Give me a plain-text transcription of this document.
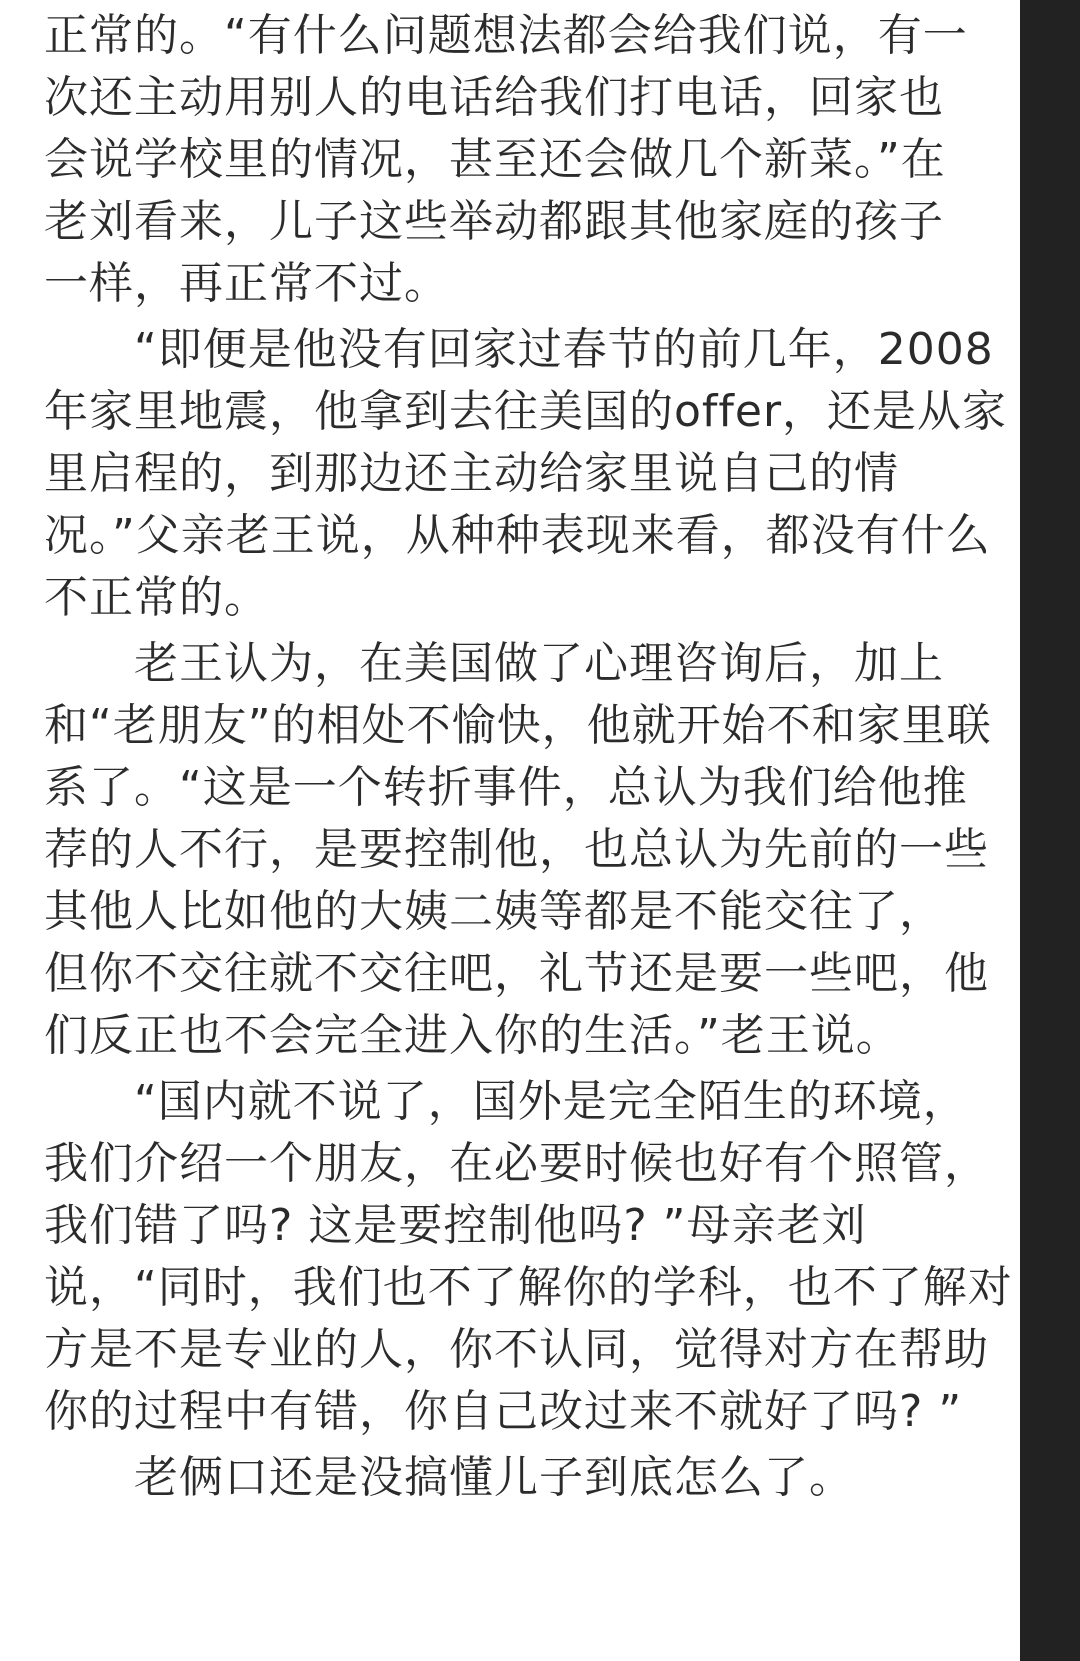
正常的。“有什么问题想法都会给我们说，有一
次还主动用别人的电话给我们打电话，回家也
会说学校里的情况，甚至还会做几个新菜。”在
老刘看来，儿子这些举动都跟其他家庭的孩子
一样，再正常不过。
“即便是他没有回家过春节的前几年，2008
年家里地震，他拿到去往美国的offer，还是从家
里启程的，到那边还主动给家里说自己的情
况。”父亲老王说，从种种表现来看，都没有什么
不正常的。
老王认为，在美国做了心理咨询后，加上
和“老朋友”的相处不愉快，他就开始不和家里联
系了。“这是一个转折事件，总认为我们给他推
荐的人不行，是要控制他，也总认为先前的一些
其他人比如他的大姨二姨等都是不能交往了，
但你不交往就不交往吧，礼节还是要一些吧，他
们反正也不会完全进入你的生活。”老王说。
“国内就不说了，国外是完全陌生的环境，
我们介绍一个朋友，在必要时候也好有个照管，
我们错了吗? 这是要控制他吗? ”母亲老刘
说，“同时，我们也不了解你的学科，也不了解对
方是不是专业的人，你不认同，觉得对方在帮助
你的过程中有错，你自己改过来不就好了吗? ”
老俩口还是没搞懂儿子到底怎么了。
